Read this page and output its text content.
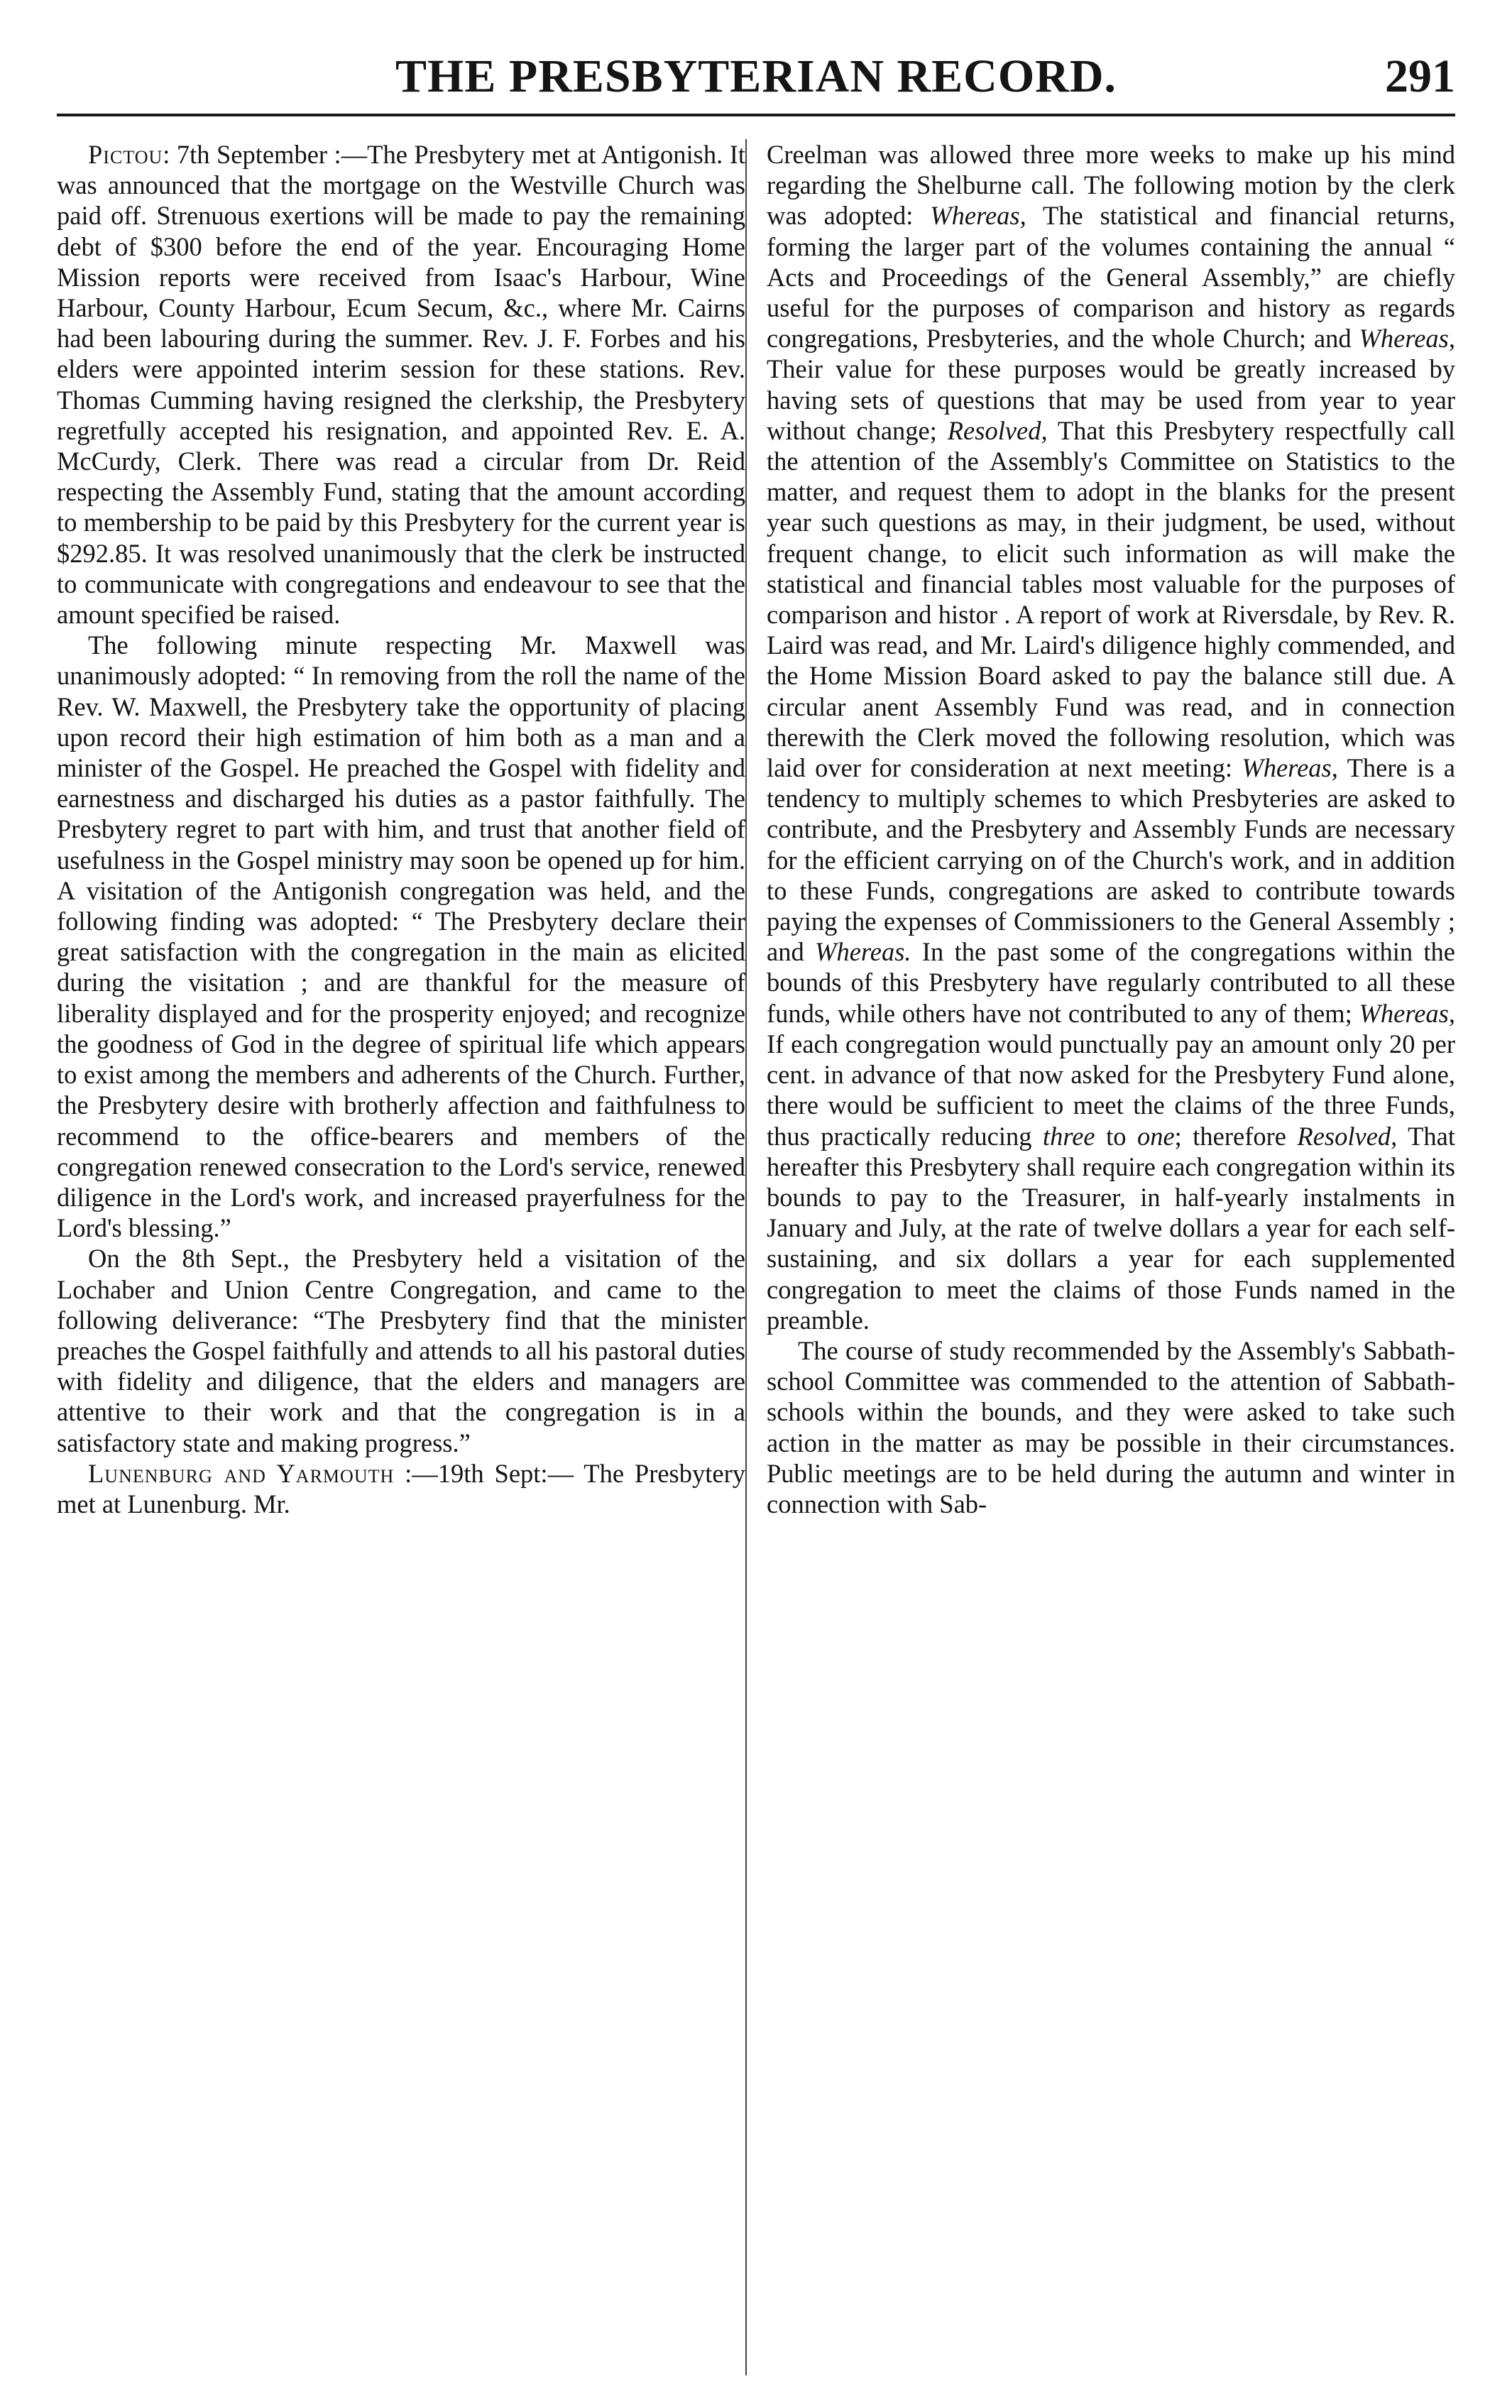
THE PRESBYTERIAN RECORD.	291

Pictou: 7th September :—The Presbytery met at Antigonish. It was announced that the mortgage on the Westville Church was paid off. Strenuous exertions will be made to pay the remaining debt of $300 before the end of the year. Encouraging Home Mission reports were received from Isaac's Harbour, Wine Harbour, County Harbour, Ecum Secum, &c., where Mr. Cairns had been labouring during the summer. Rev. J. F. Forbes and his elders were appointed interim session for these stations. Rev. Thomas Cumming having resigned the clerkship, the Presbytery regretfully accepted his resignation, and appointed Rev. E. A. McCurdy, Clerk. There was read a circular from Dr. Reid respecting the Assembly Fund, stating that the amount according to membership to be paid by this Presbytery for the current year is $292.85. It was resolved unanimously that the clerk be instructed to communicate with congregations and endeavour to see that the amount specified be raised.

The following minute respecting Mr. Maxwell was unanimously adopted: “ In removing from the roll the name of the Rev. W. Maxwell, the Presbytery take the opportunity of placing upon record their high estimation of him both as a man and a minister of the Gospel. He preached the Gospel with fidelity and earnestness and discharged his duties as a pastor faithfully. The Presbytery regret to part with him, and trust that another field of usefulness in the Gospel ministry may soon be opened up for him. A visitation of the Antigonish congregation was held, and the following finding was adopted: “ The Presbytery declare their great satisfaction with the congregation in the main as elicited during the visitation ; and are thankful for the measure of liberality displayed and for the prosperity enjoyed; and recognize the goodness of God in the degree of spiritual life which appears to exist among the members and adherents of the Church. Further, the Presbytery desire with brotherly affection and faithfulness to recommend to the office-bearers and members of the congregation renewed consecration to the Lord's service, renewed diligence in the Lord's work, and increased prayerfulness for the Lord's blessing.”

On the 8th Sept., the Presbytery held a visitation of the Lochaber and Union Centre Congregation, and came to the following deliverance: “The Presbytery find that the minister preaches the Gospel faithfully and attends to all his pastoral duties with fidelity and diligence, that the elders and managers are attentive to their work and that the congregation is in a satisfactory state and making progress.”

Lunenburg and Yarmouth :—19th Sept:— The Presbytery met at Lunenburg. Mr.

Creelman was allowed three more weeks to make up his mind regarding the Shelburne call. The following motion by the clerk was adopted: Whereas, The statistical and financial returns, forming the larger part of the volumes containing the annual “ Acts and Proceedings of the General Assembly,” are chiefly useful for the purposes of comparison and history as regards congregations, Presbyteries, and the whole Church; and Whereas, Their value for these purposes would be greatly increased by having sets of questions that may be used from year to year without change; Resolved, That this Presbytery respectfully call the attention of the Assembly's Committee on Statistics to the matter, and request them to adopt in the blanks for the present year such questions as may, in their judgment, be used, without frequent change, to elicit such information as will make the statistical and financial tables most valuable for the purposes of comparison and histor . A report of work at Riversdale, by Rev. R. Laird was read, and Mr. Laird's diligence highly commended, and the Home Mission Board asked to pay the balance still due. A circular anent Assembly Fund was read, and in connection therewith the Clerk moved the following resolution, which was laid over for consideration at next meeting: Whereas, There is a tendency to multiply schemes to which Presbyteries are asked to contribute, and the Presbytery and Assembly Funds are necessary for the efficient carrying on of the Church's work, and in addition to these Funds, congregations are asked to contribute towards paying the expenses of Commissioners to the General Assembly ; and Whereas. In the past some of the congregations within the bounds of this Presbytery have regularly contributed to all these funds, while others have not contributed to any of them; Whereas, If each congregation would punctually pay an amount only 20 per cent. in advance of that now asked for the Presbytery Fund alone, there would be sufficient to meet the claims of the three Funds, thus practically reducing three to one; therefore Resolved, That hereafter this Presbytery shall require each congregation within its bounds to pay to the Treasurer, in half-yearly instalments in January and July, at the rate of twelve dollars a year for each self-sustaining, and six dollars a year for each supplemented congregation to meet the claims of those Funds named in the preamble.

The course of study recommended by the Assembly's Sabbath-school Committee was commended to the attention of Sabbath-schools within the bounds, and they were asked to take such action in the matter as may be possible in their circumstances. Public meetings are to be held during the autumn and winter in connection with Sab-
